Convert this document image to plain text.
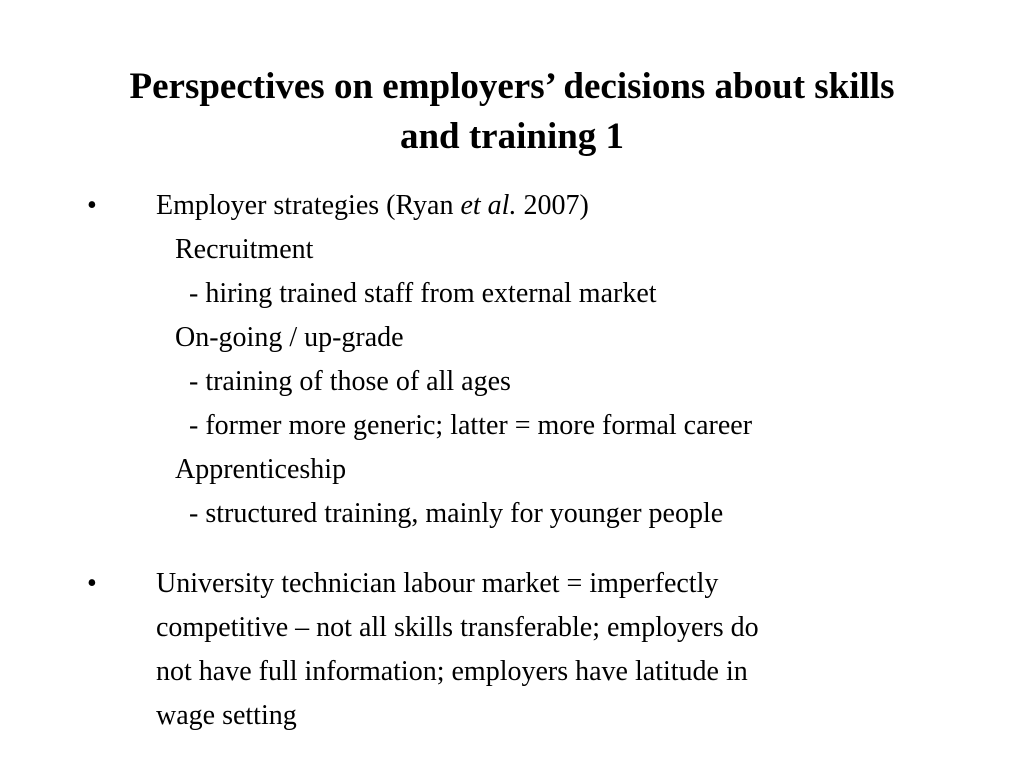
Perspectives on employers’ decisions about skills
and training 1
• Employer strategies (Ryan et al. 2007)
Recruitment
- hiring trained staff from external market
On-going / up-grade
- training of those of all ages
- former more generic; latter = more formal career
Apprenticeship
- structured training, mainly for younger people
• University technician labour market = imperfectly
competitive – not all skills transferable; employers do
not have full information; employers have latitude in
wage setting
